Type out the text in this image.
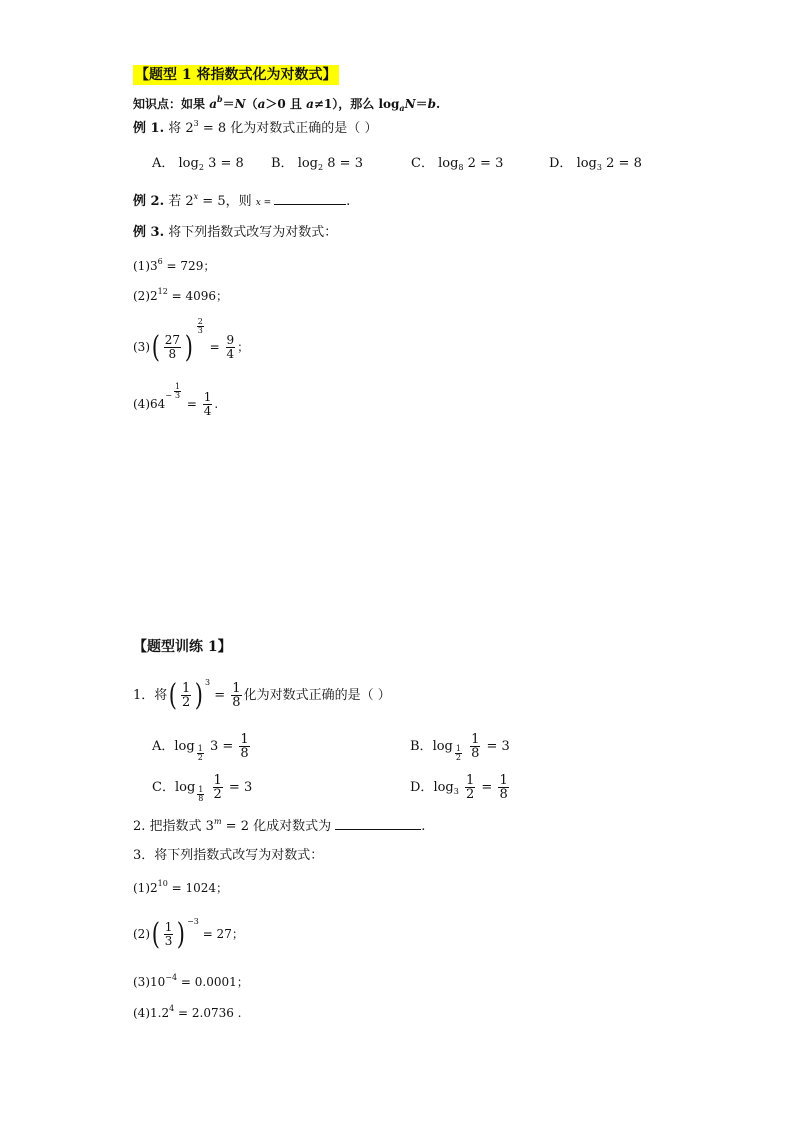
【题型 1 将指数式化为对数式】
知识点：如果 $a^b=N(a>0$ 且 a≠1），那么 $\log_aN=b$.
例 1. 将 $2^3 = 8$ 化为对数式正确的是（ ）
A． $\log_2 3 = 8$ B． $\log_2 8 = 3$	C． $\log_8 2 = 3$	D． $\log_3 2 = 8$
例 2. 若 $2^x = 5$，则 x =	.
例 3. 将下列指数式改写为对数式：
$(1)3^6 = 729$；
$(2)2^{12} = 4096$；
$(3)( \frac{27}{8}$ )
$\frac{2}{3}$
= $\frac{9}{4}$ ；
$(4)64^- \frac{1}{3}$
= $\frac{1}{4}$ .
【题型训练 1】
1．将( $\frac{1}{2}$ ) $^3 = \frac{1}{8}$ 化为对数式正确的是（ ）
A．$\log \frac{1}{2} 3 = \frac{1}{8}$	B．$\log \frac{1}{2}$
$\frac{1}{8} = 3$
C．$\log \frac{1}{8}$
$\frac{1}{2} = 3$	D．$\log_3 \frac{1}{2} = \frac{1}{8}$
2. 把指数式 $3^m = 2$ 化成对数式为	.
3．将下列指数式改写为对数式：
$(1)2^{10} = 1024$；
$(2)( \frac{1}{3}$ ) $^{-3}$ = 27；
$(3)10^{-4} = 0.0001$；
$(4)1.2^4 = 2.0736$ .
